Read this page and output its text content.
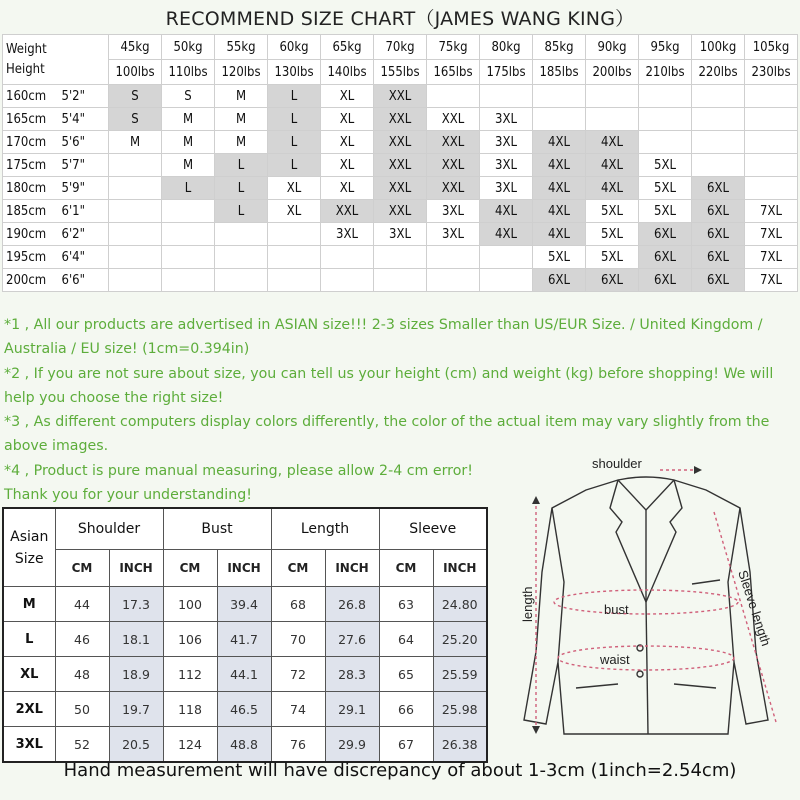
RECOMMEND SIZE CHART（JAMES WANG KING）
Weight
Height		45kg	50kg	55kg	60kg	65kg	70kg	75kg	80kg	85kg	90kg	95kg	100kg	105kg
		100lbs	110lbs	120lbs	130lbs	140lbs	155lbs	165lbs	175lbs	185lbs	200lbs	210lbs	220lbs	230lbs
160cm	5'2"	S	S	M	L	XL	XXL							
165cm	5'4"	S	M	M	L	XL	XXL	XXL	3XL					
170cm	5'6"	M	M	M	L	XL	XXL	XXL	3XL	4XL	4XL			
175cm	5'7"		M	L	L	XL	XXL	XXL	3XL	4XL	4XL	5XL		
180cm	5'9"		L	L	XL	XL	XXL	XXL	3XL	4XL	4XL	5XL	6XL	
185cm	6'1"			L	XL	XXL	XXL	3XL	4XL	4XL	5XL	5XL	6XL	7XL
190cm	6'2"					3XL	3XL	3XL	4XL	4XL	5XL	6XL	6XL	7XL
195cm	6'4"									5XL	5XL	6XL	6XL	7XL
200cm	6'6"									6XL	6XL	6XL	6XL	7XL

*1 , All our products are advertised in ASIAN size!!! 2-3 sizes Smaller than US/EUR Size. / United Kingdom / Australia / EU size! (1cm=0.394in)

*2 , If you are not sure about size, you can tell us your height (cm) and weight (kg) before shopping! We will help you choose the right size!

*3 , As different computers display colors differently, the color of the actual item may vary slightly from the above images.

*4 , Product is pure manual measuring, please allow 2-4 cm error!

Thank you for your understanding!

Asian
Size	Shoulder		Bust		Length		Sleeve	
	CM	INCH	CM	INCH	CM	INCH	CM	INCH
M	44	17.3	100	39.4	68	26.8	63	24.80
L	46	18.1	106	41.7	70	27.6	64	25.20
XL	48	18.9	112	44.1	72	28.3	65	25.59
2XL	50	19.7	118	46.5	74	29.1	66	25.98
3XL	52	20.5	124	48.8	76	29.9	67	26.38
shoulder
length	Sleeve length
bust
waist
Hand measurement will have discrepancy of about 1-3cm (1inch=2.54cm)
